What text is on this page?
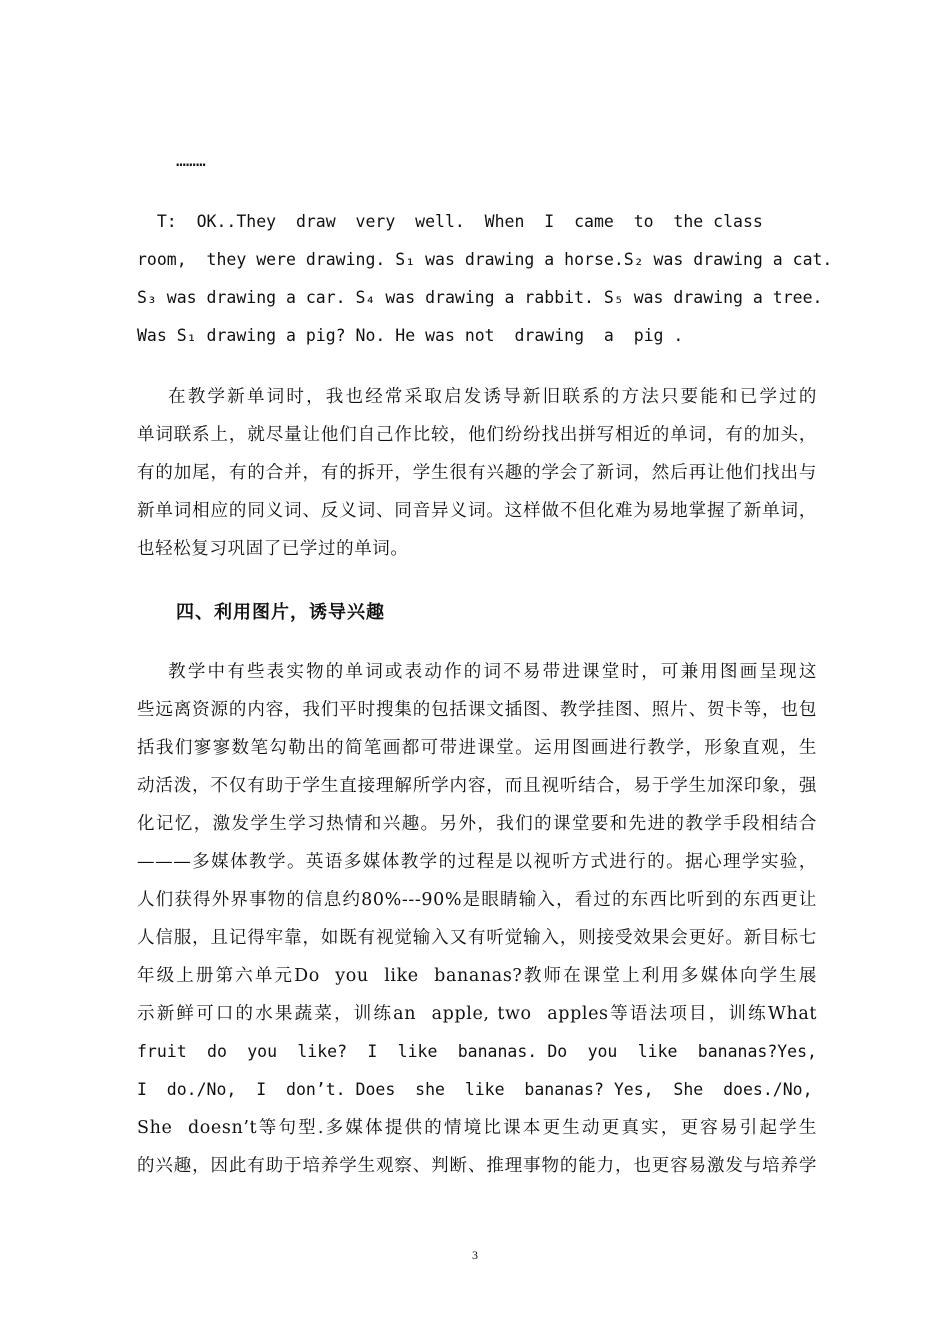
………
T:  OK..They  draw  very  well.  When  I  came  to  the class
room,  they were drawing. S₁ was drawing a horse.S₂ was drawing a cat.
S₃ was drawing a car. S₄ was drawing a rabbit. S₅ was drawing a tree.
Was S₁ drawing a pig? No. He was not  drawing  a  pig .
在教学新单词时，我也经常采取启发诱导新旧联系的方法只要能和已学过的
单词联系上，就尽量让他们自己作比较，他们纷纷找出拼写相近的单词，有的加头，
有的加尾，有的合并，有的拆开，学生很有兴趣的学会了新词，然后再让他们找出与
新单词相应的同义词、反义词、同音异义词。这样做不但化难为易地掌握了新单词，
也轻松复习巩固了已学过的单词。
四、利用图片，诱导兴趣
教学中有些表实物的单词或表动作的词不易带进课堂时，可兼用图画呈现这
些远离资源的内容，我们平时搜集的包括课文插图、教学挂图、照片、贺卡等，也包
括我们寥寥数笔勾勒出的简笔画都可带进课堂。运用图画进行教学，形象直观，生
动活泼，不仅有助于学生直接理解所学内容，而且视听结合，易于学生加深印象，强
化记忆，激发学生学习热情和兴趣。另外，我们的课堂要和先进的教学手段相结合
———多媒体教学。英语多媒体教学的过程是以视听方式进行的。据心理学实验，
人们获得外界事物的信息约80%---90%是眼睛输入，看过的东西比听到的东西更让
人信服，且记得牢靠，如既有视觉输入又有听觉输入，则接受效果会更好。新目标七
年级上册第六单元Do  you  like  bananas?教师在课堂上利用多媒体向学生展
示新鲜可口的水果蔬菜，训练an  apple, two  apples等语法项目，训练What
fruit  do  you  like?  I  like  bananas. Do  you  like  bananas?Yes,
I  do./No,  I  don’t. Does  she  like  bananas? Yes,  She  does./No,
She  doesn’t等句型.多媒体提供的情境比课本更生动更真实，更容易引起学生
的兴趣，因此有助于培养学生观察、判断、推理事物的能力，也更容易激发与培养学
3
